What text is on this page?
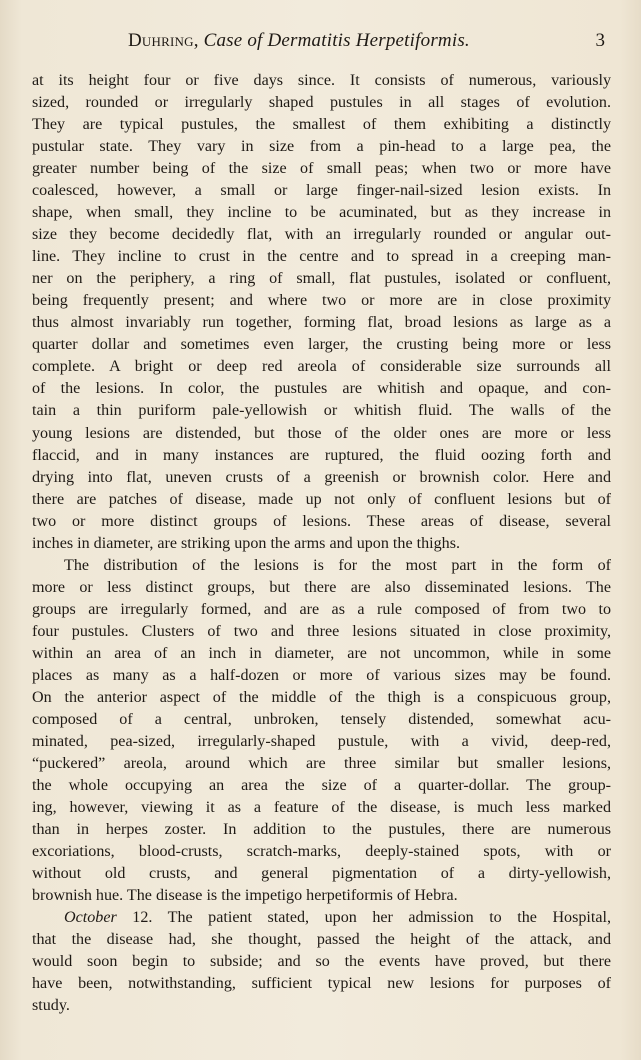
Duhring, Case of Dermatitis Herpetiformis.	3
at its height four or five days since. It consists of numerous, variously
sized, rounded or irregularly shaped pustules in all stages of evolution.
They are typical pustules, the smallest of them exhibiting a distinctly
pustular state. They vary in size from a pin-head to a large pea, the
greater number being of the size of small peas; when two or more have
coalesced, however, a small or large finger-nail-sized lesion exists. In
shape, when small, they incline to be acuminated, but as they increase in
size they become decidedly flat, with an irregularly rounded or angular out-
line. They incline to crust in the centre and to spread in a creeping man-
ner on the periphery, a ring of small, flat pustules, isolated or confluent,
being frequently present; and where two or more are in close proximity
thus almost invariably run together, forming flat, broad lesions as large as a
quarter dollar and sometimes even larger, the crusting being more or less
complete. A bright or deep red areola of considerable size surrounds all
of the lesions. In color, the pustules are whitish and opaque, and con-
tain a thin puriform pale-yellowish or whitish fluid. The walls of the
young lesions are distended, but those of the older ones are more or less
flaccid, and in many instances are ruptured, the fluid oozing forth and
drying into flat, uneven crusts of a greenish or brownish color. Here and
there are patches of disease, made up not only of confluent lesions but of
two or more distinct groups of lesions. These areas of disease, several
inches in diameter, are striking upon the arms and upon the thighs.
The distribution of the lesions is for the most part in the form of
more or less distinct groups, but there are also disseminated lesions. The
groups are irregularly formed, and are as a rule composed of from two to
four pustules. Clusters of two and three lesions situated in close proximity,
within an area of an inch in diameter, are not uncommon, while in some
places as many as a half-dozen or more of various sizes may be found.
On the anterior aspect of the middle of the thigh is a conspicuous group,
composed of a central, unbroken, tensely distended, somewhat acu-
minated, pea-sized, irregularly-shaped pustule, with a vivid, deep-red,
“puckered” areola, around which are three similar but smaller lesions,
the whole occupying an area the size of a quarter-dollar. The group-
ing, however, viewing it as a feature of the disease, is much less marked
than in herpes zoster. In addition to the pustules, there are numerous
excoriations, blood-crusts, scratch-marks, deeply-stained spots, with or
without old crusts, and general pigmentation of a dirty-yellowish,
brownish hue. The disease is the impetigo herpetiformis of Hebra.
October 12. The patient stated, upon her admission to the Hospital,
that the disease had, she thought, passed the height of the attack, and
would soon begin to subside; and so the events have proved, but there
have been, notwithstanding, sufficient typical new lesions for purposes of
study.
